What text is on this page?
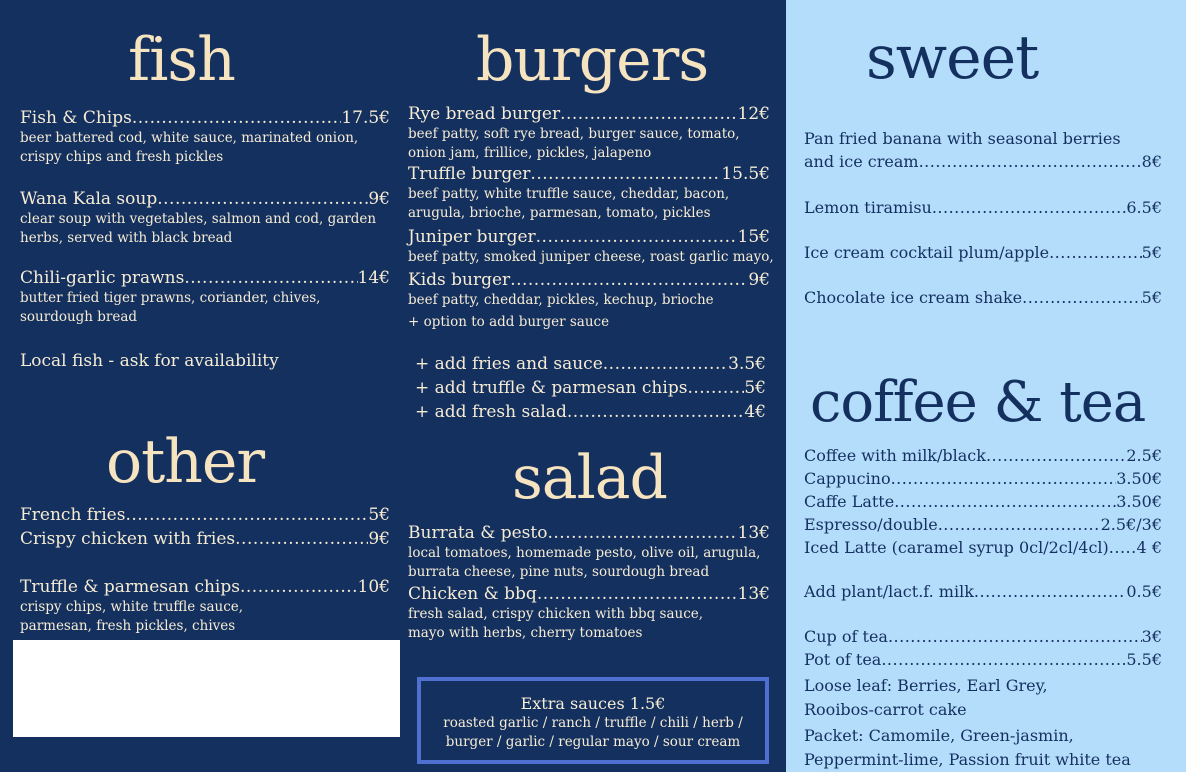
fish
Fish & Chips .....	17.5€
beer battered cod, white sauce, marinated onion,
crispy chips and fresh pickles
Wana Kala soup .....	9€
clear soup with vegetables, salmon and cod, garden
herbs, served with black bread
Chili-garlic prawns .....	14€
butter fried tiger prawns, coriander, chives,
sourdough bread
Local fish - ask for availability
other
French fries .....	5€
Crispy chicken with fries .....	9€
Truffle & parmesan chips .....	10€
crispy chips, white truffle sauce,
parmesan, fresh pickles, chives
burgers
Rye bread burger .....	12€
beef patty, soft rye bread, burger sauce, tomato,
onion jam, frillice, pickles, jalapeno
Truffle burger .....	15.5€
beef patty, white truffle sauce, cheddar, bacon,
arugula, brioche, parmesan, tomato, pickles
Juniper burger .....	15€
beef patty, smoked juniper cheese, roast garlic mayo,
Kids burger .....	9€
beef patty, cheddar, pickles, kechup, brioche
+ option to add burger sauce
+ add fries and sauce .....	3.5€
+ add truffle & parmesan chips .....	5€
+ add fresh salad .....	4€
salad
Burrata & pesto .....	13€
local tomatoes, homemade pesto, olive oil, arugula,
burrata cheese, pine nuts, sourdough bread
Chicken & bbq .....	13€
fresh salad, crispy chicken with bbq sauce,
mayo with herbs, cherry tomatoes
Extra sauces 1.5€
roasted garlic / ranch / truffle / chili / herb /
burger / garlic / regular mayo / sour cream
sweet
Pan fried banana with seasonal berries
and ice cream .....	8€
Lemon tiramisu .....	6.5€
Ice cream cocktail plum/apple .....	5€
Chocolate ice cream shake .....	5€
coffee & tea
Coffee with milk/black .....	2.5€
Cappucino .....	3.50€
Caffe Latte .....	3.50€
Espresso/double .....	2.5€/3€
Iced Latte (caramel syrup 0cl/2cl/4cl) ..... 4 €
Add plant/lact.f. milk .....	0.5€
Cup of tea .....	3€
Pot of tea .....	5.5€
Loose leaf: Berries, Earl Grey,
Rooibos-carrot cake
Packet: Camomile, Green-jasmin,
Peppermint-lime, Passion fruit white tea
